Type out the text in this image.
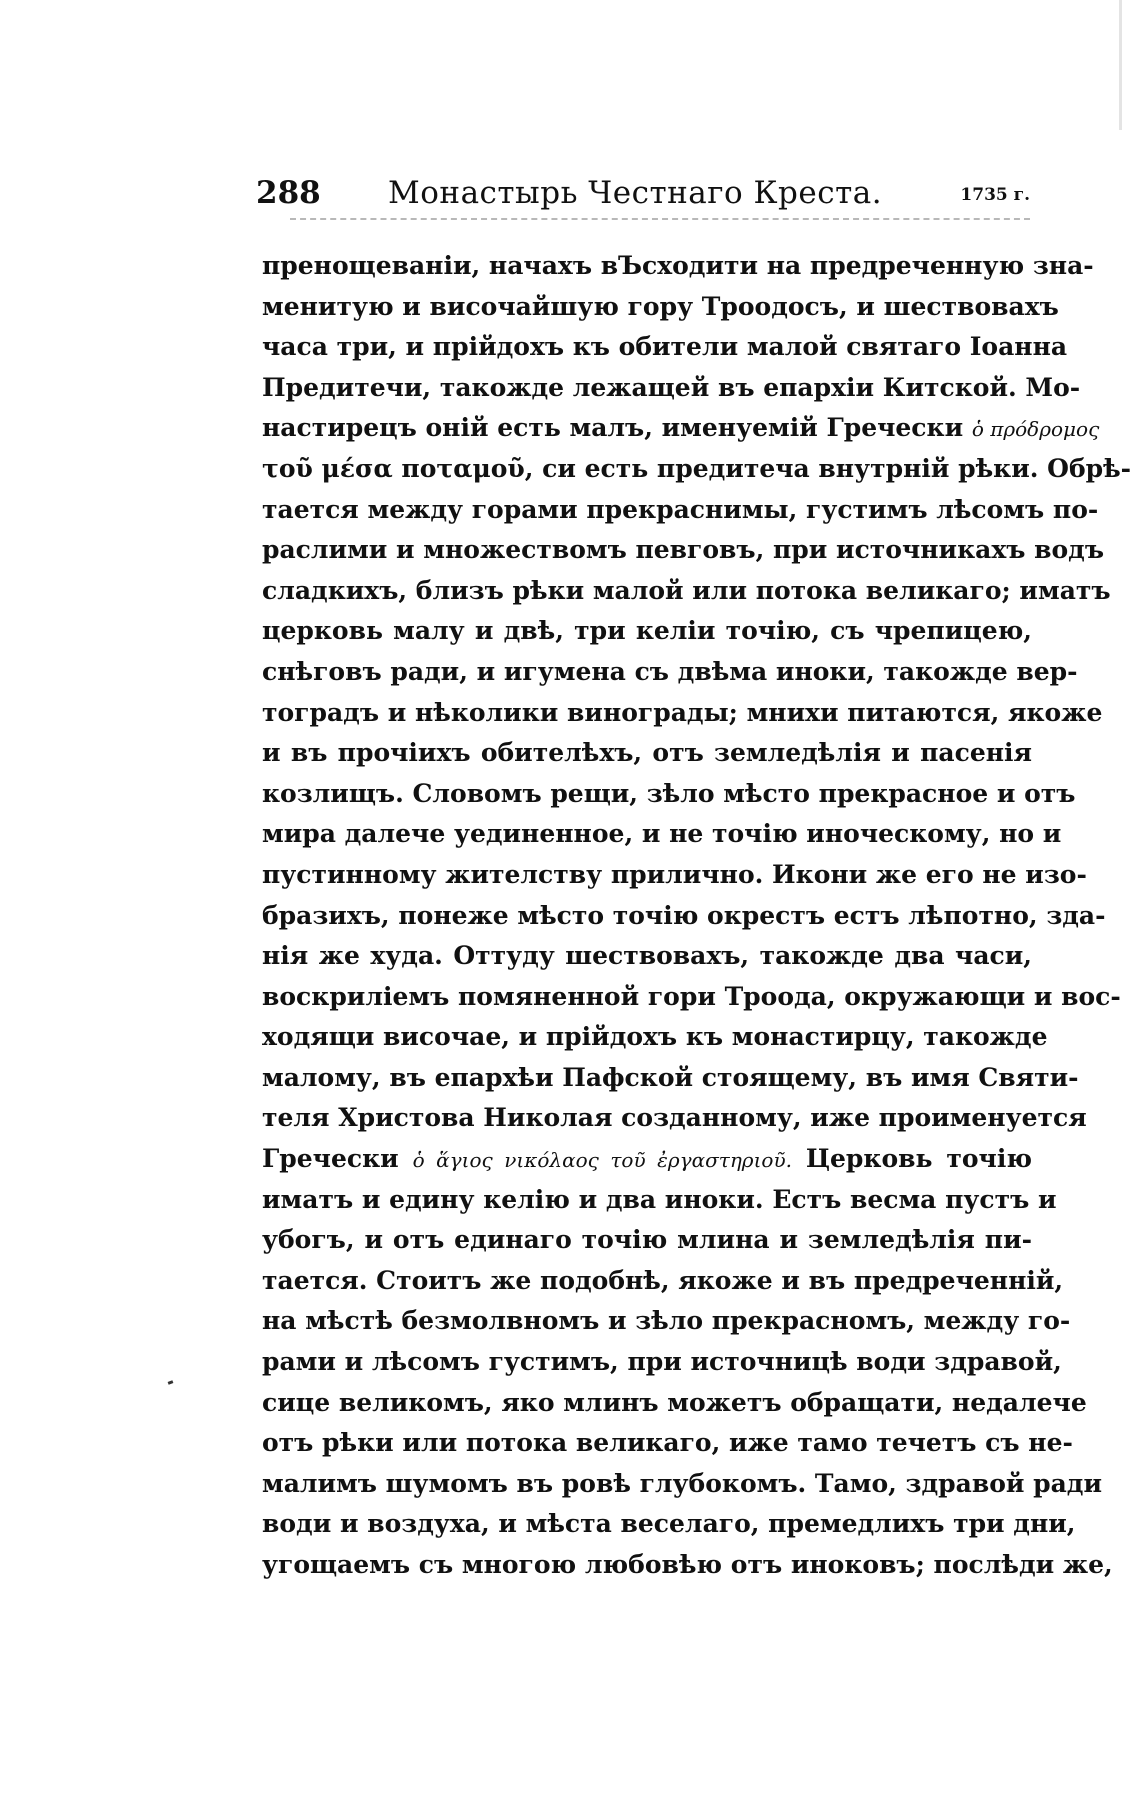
288 Монастырь Честнаго Креста.	1735 г.
пренощеванiи, начахъ вЪсходити на предреченную зна-
менитую и височайшую гору Троодосъ, и шествовахъ
часа три, и прiйдохъ къ обители малой святаго Iоанна
Предитечи, такожде лежащей въ епархiи Китской. Мо-
настирецъ онiй есть малъ, именуемiй Гречески ὁ πρόδρομος
τοῦ μέσα ποταμοῦ, си есть предитеча внутрнiй рѣки. Обрѣ-
тается между горами прекраснимы, густимъ лѣсомъ по-
раслими и множествомъ певговъ, при источникахъ водъ
сладкихъ, близъ рѣки малой или потока великаго; иматъ
церковь малу и двѣ, три келiи точiю, съ чрепицею,
снѣговъ ради, и игумена съ двѣма иноки, такожде вер-
тоградъ и нѣколики винограды; мнихи питаются, якоже
и въ прочiихъ обителѣхъ, отъ земледѣлiя и пасенiя
козлищъ. Словомъ рещи, зѣло мѣсто прекрасное и отъ
мира далече уединенное, и не точiю иноческому, но и
пустинному жителству прилично. Икони же его не изо-
бразихъ, понеже мѣсто точiю окрестъ естъ лѣпотно, зда-
нiя же худа. Оттуду шествовахъ, такожде два часи,
воскрилiемъ помяненной гори Троода, окружающи и вос-
ходящи височае, и прiйдохъ къ монастирцу, такожде
малому, въ епархѣи Пафской стоящему, въ имя Святи-
теля Христова Николая созданному, иже проименуется
Гречески ὁ ἅγιος νικόλαος τοῦ ἐργαστηριοῦ. Церковь точiю
иматъ и едину келiю и два иноки. Естъ весма пустъ и
убогъ, и отъ единаго точiю млина и земледѣлiя пи-
тается. Стоитъ же подобнѣ, якоже и въ предреченнiй,
на мѣстѣ безмолвномъ и зѣло прекрасномъ, между го-
рами и лѣсомъ густимъ, при источницѣ води здравой,
сице великомъ, яко млинъ можетъ обращати, недалече
отъ рѣки или потока великаго, иже тамо течетъ съ не-
малимъ шумомъ въ ровѣ глубокомъ. Тамо, здравой ради
води и воздуха, и мѣста веселаго, премедлихъ три дни,
угощаемъ съ многою любовѣю отъ иноковъ; послѣди же,
